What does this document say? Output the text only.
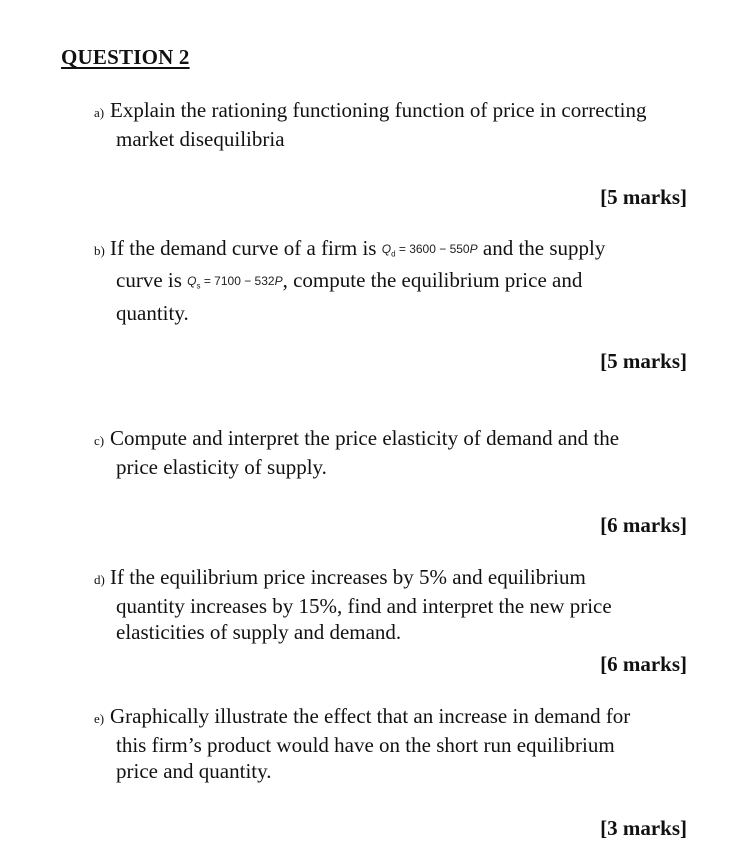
QUESTION 2
a) Explain the rationing functioning function of price in correcting
market disequilibria
[5 marks]
b) If the demand curve of a firm is $Q_d = 3600 - 550P$ and the supply
curve is $Q_s = 7100 - 532P$, compute the equilibrium price and
quantity.
[5 marks]
c) Compute and interpret the price elasticity of demand and the
price elasticity of supply.
[6 marks]
d) If the equilibrium price increases by 5% and equilibrium
quantity increases by 15%, find and interpret the new price
elasticities of supply and demand.
[6 marks]
e) Graphically illustrate the effect that an increase in demand for
this firm’s product would have on the short run equilibrium
price and quantity.
[3 marks]
